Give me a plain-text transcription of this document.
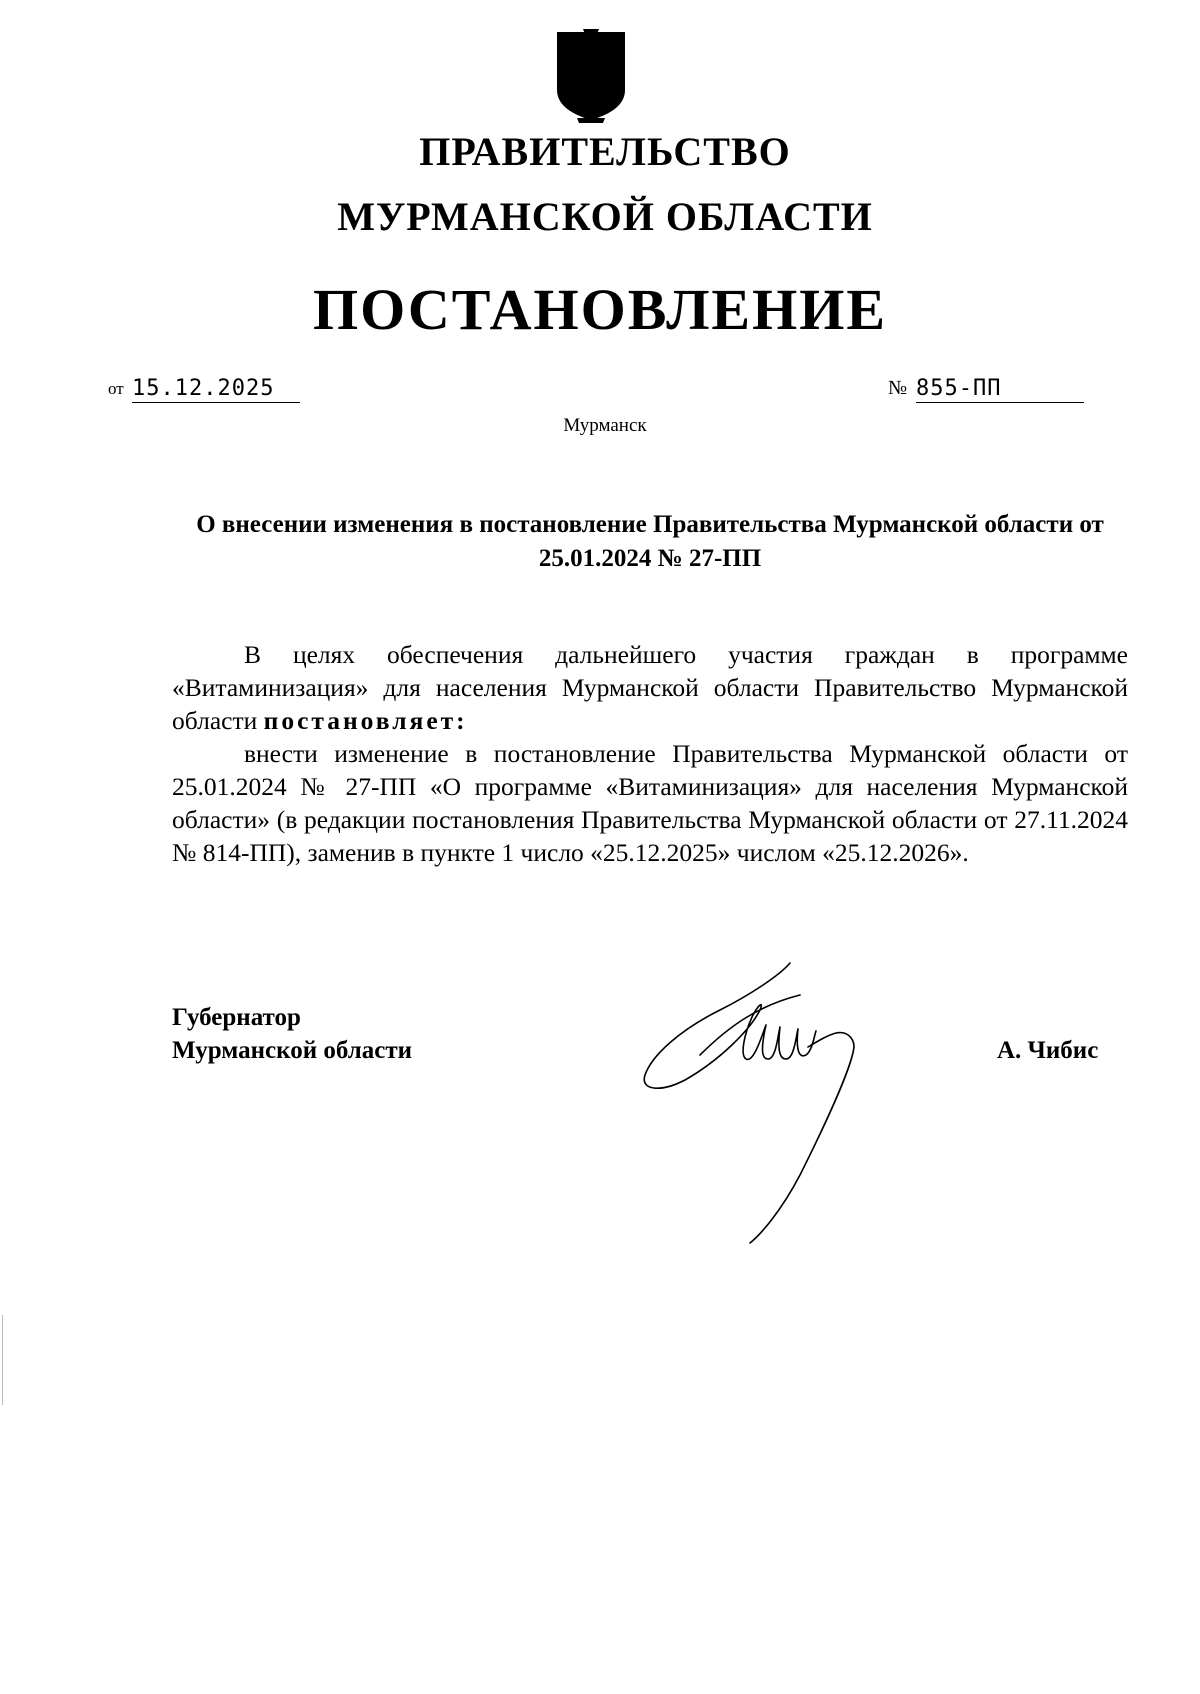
ПРАВИТЕЛЬСТВО
МУРМАНСКОЙ ОБЛАСТИ
ПОСТАНОВЛЕНИЕ
от 15.12.2025	№ 855-ПП
Мурманск
О внесении изменения в постановление Правительства Мурманской области от 25.01.2024 № 27-ПП

В целях обеспечения дальнейшего участия граждан в программе «Витаминизация» для населения Мурманской области Правительство Мурманской области постановляет:

внести изменение в постановление Правительства Мурманской области от 25.01.2024 № 27-ПП «О программе «Витаминизация» для населения Мурманской области» (в редакции постановления Правительства Мурманской области от 27.11.2024 № 814-ПП), заменив в пункте 1 число «25.12.2025» числом «25.12.2026».

Губернатор
Мурманской области	А. Чибис
